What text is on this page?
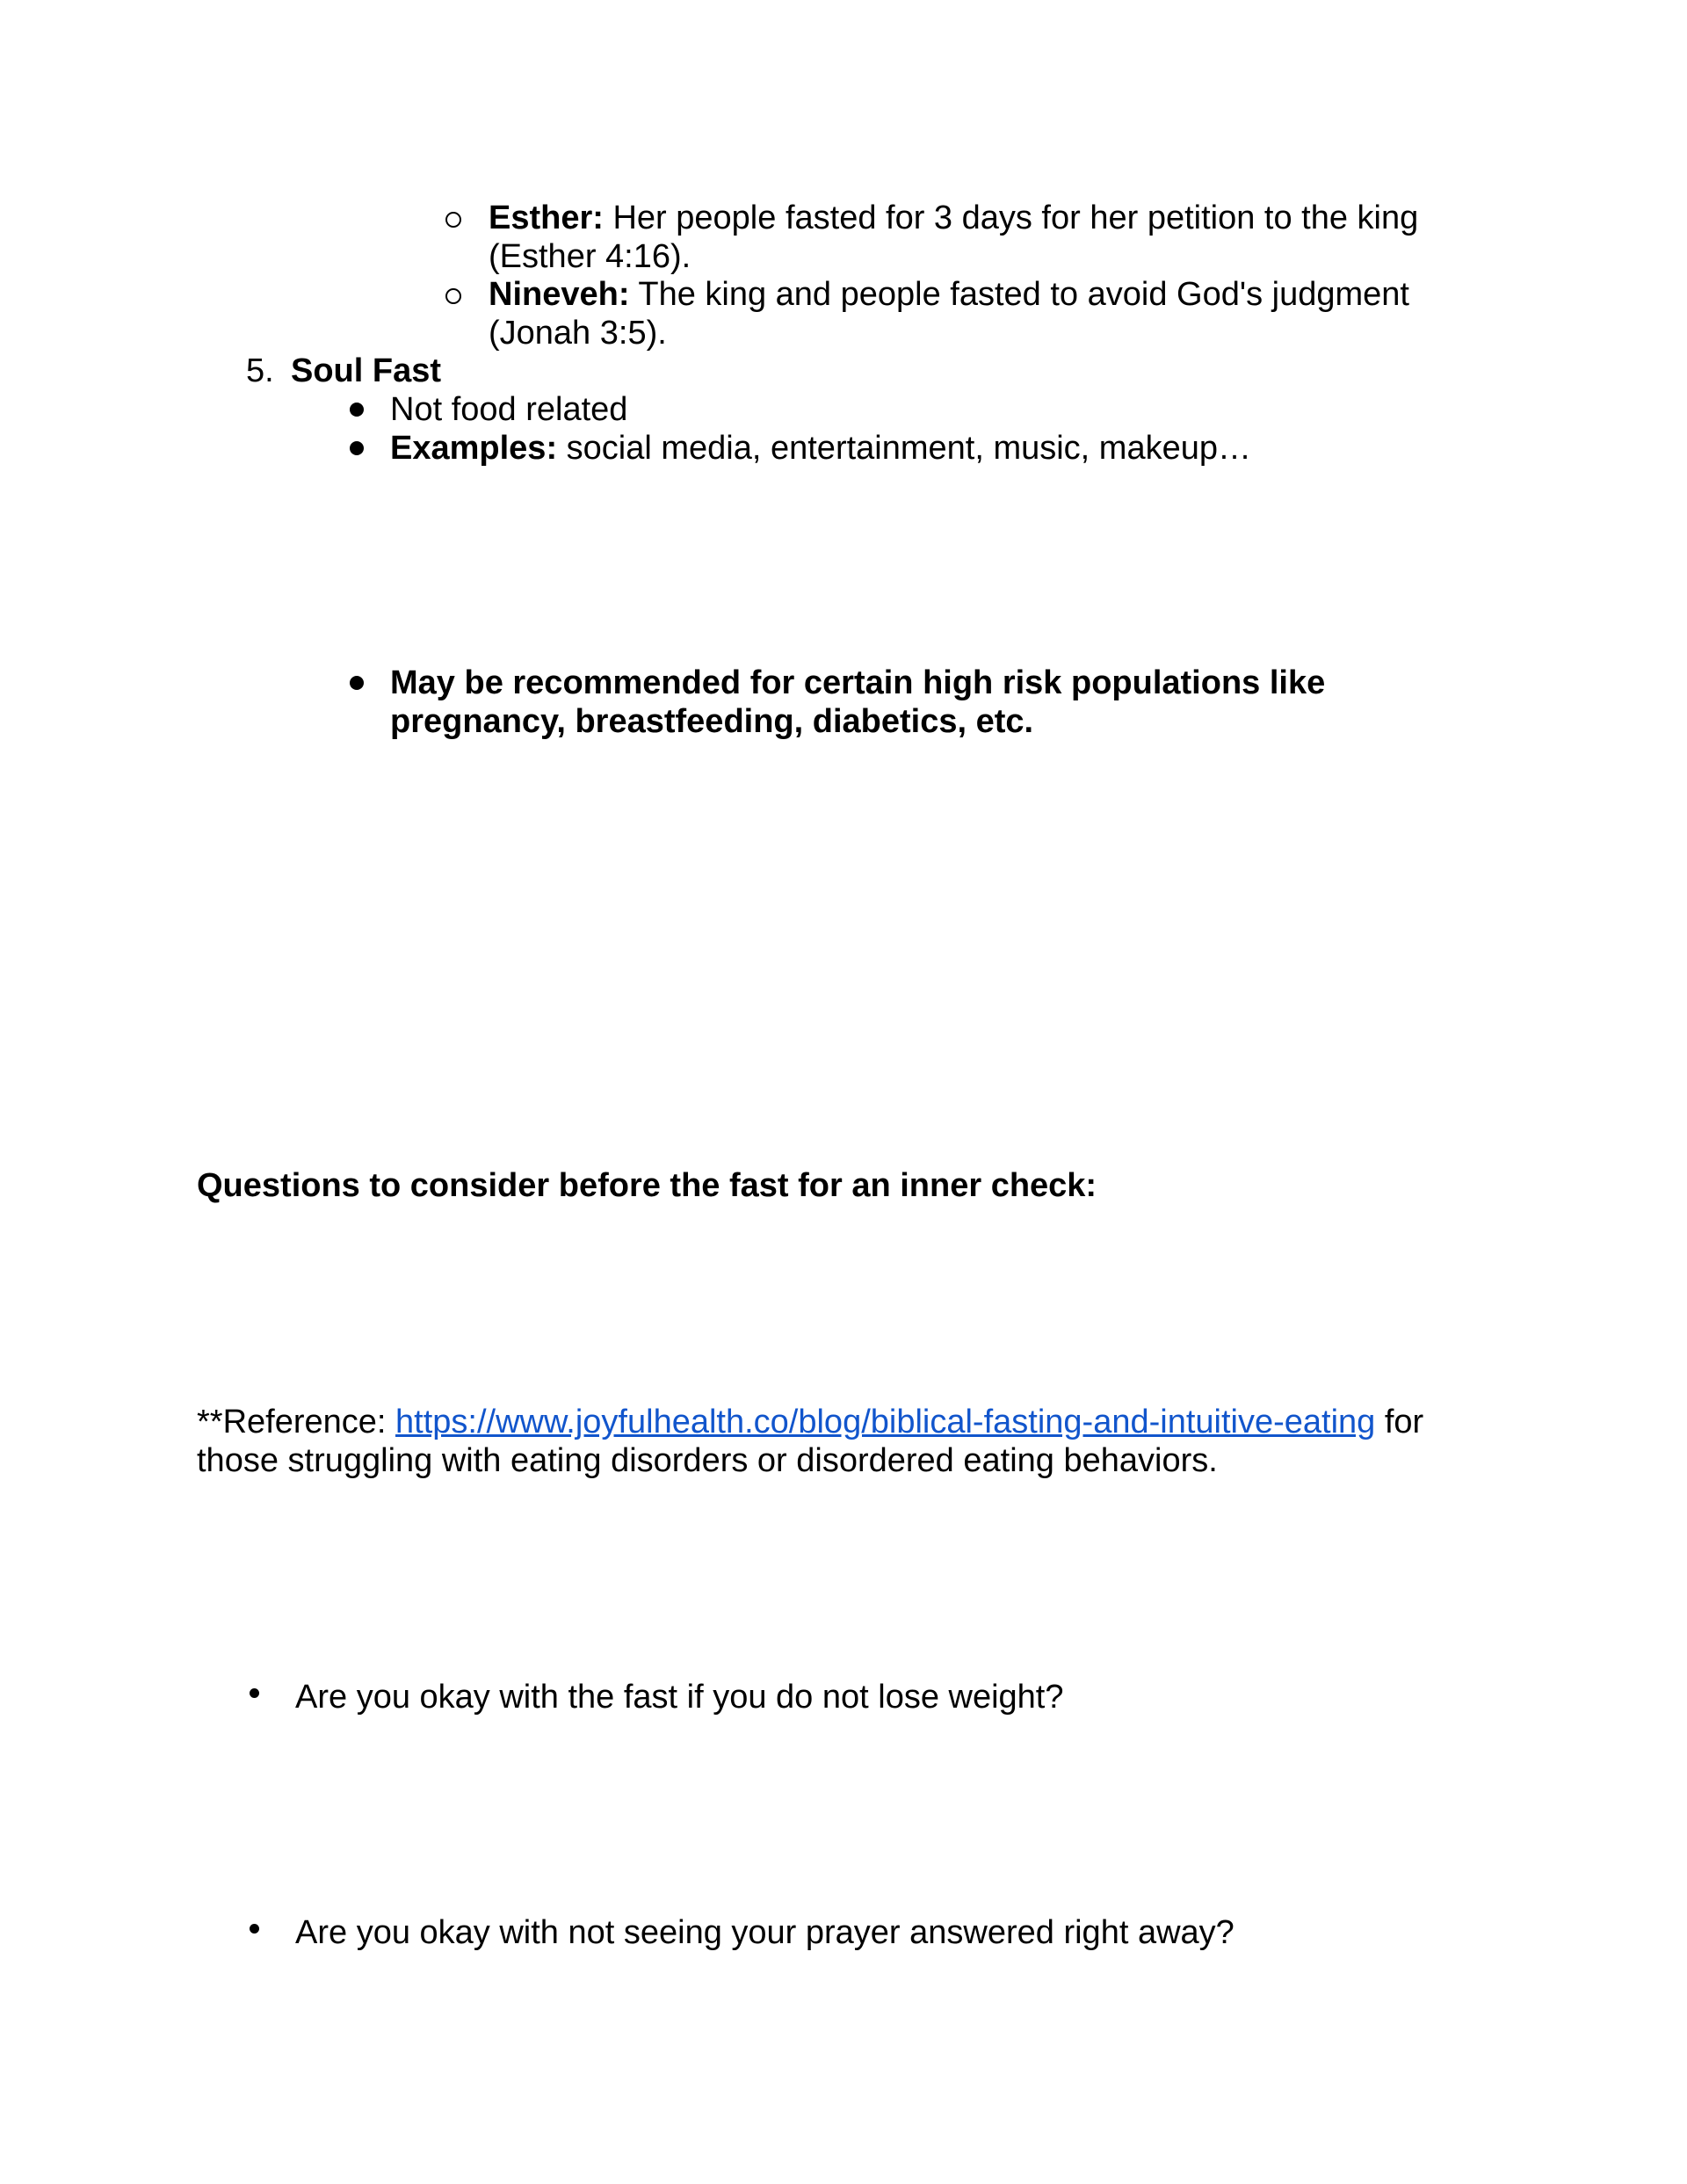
Esther: Her people fasted for 3 days for her petition to the king
(Esther 4:16).
Nineveh: The king and people fasted to avoid God's judgment
(Jonah 3:5).
5. Soul Fast
Not food related
Examples: social media, entertainment, music, makeup…
May be recommended for certain high risk populations like
pregnancy, breastfeeding, diabetics, etc.
Questions to consider before the fast for an inner check:
**Reference: https://www.joyfulhealth.co/blog/biblical-fasting-and-intuitive-eating for
those struggling with eating disorders or disordered eating behaviors.
Are you okay with the fast if you do not lose weight?
Are you okay with not seeing your prayer answered right away?
